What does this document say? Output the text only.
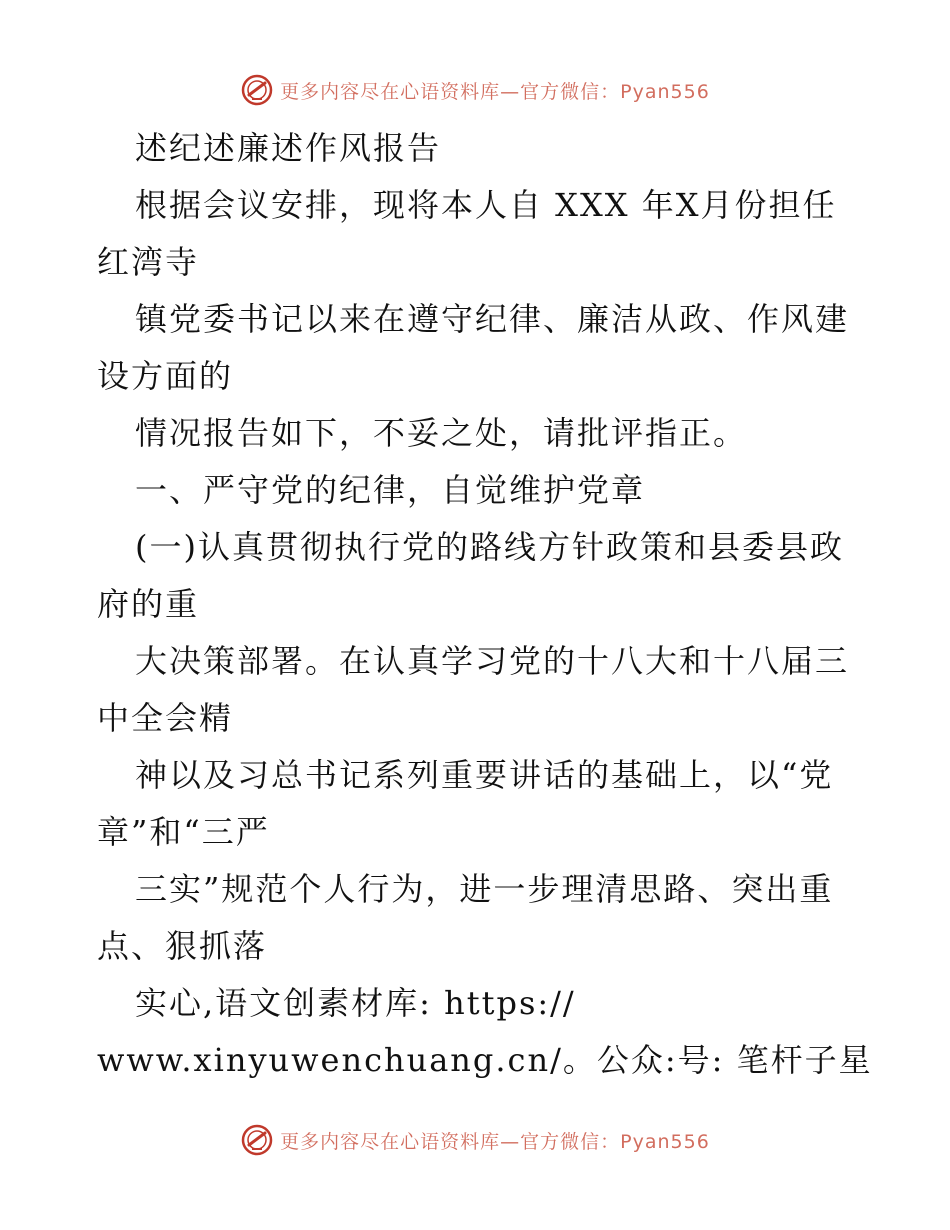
更多内容尽在心语资料库—官方微信：Pyan556
述纪述廉述作风报告
根据会议安排，现将本人自 XXX 年X月份担任
红湾寺
镇党委书记以来在遵守纪律、廉洁从政、作风建
设方面的
情况报告如下，不妥之处，请批评指正。
一、严守党的纪律，自觉维护党章
(一)认真贯彻执行党的路线方针政策和县委县政
府的重
大决策部署。在认真学习党的十八大和十八届三
中全会精
神以及习总书记系列重要讲话的基础上，以“党
章”和“三严
三实”规范个人行为，进一步理清思路、突出重
点、狠抓落
实心,语文创素材库: https://
www.xinyuwenchuang.cn/。公众:号: 笔杆子星
更多内容尽在心语资料库—官方微信：Pyan556
